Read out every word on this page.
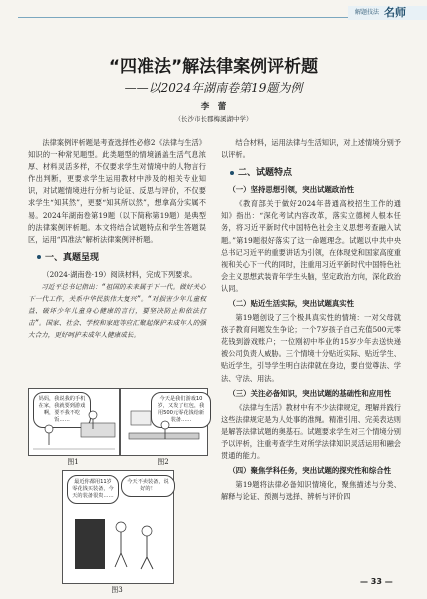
解题技法 名师
“四准法”解法律案例评析题
——以2024年湖南卷第19题为例
李　蕾
（长沙市长郡梅溪湖中学）

法律案例评析题是考查选择性必修2《法律与生活》知识的一种常见题型。此类题型的情境涵盖生活气息浓厚、材料灵活多样，不仅要求学生对情境中的人物言行作出判断，更要求学生运用教材中涉及的相关专业知识，对试题情境进行分析与论证、反思与评价，不仅要求学生“知其然”，更要“知其所以然”，想拿高分实属不易。2024年湖南卷第19题（以下简称第19题）是典型的法律案例评析题。本文将结合试题特点和学生答题误区，运用“四准法”解析法律案例评析题。

一、真题呈现

（2024·湖南卷·19）阅读材料，完成下列要求。

习近平总书记指出：“祖国的未来属于下一代。做好关心下一代工作，关系中华民族伟大复兴”。“对损害少年儿童权益、破坏少年儿童身心健康的言行，要坚决防止和依法打击”。国家、社会、学校和家庭等应汇聚起保护未成年人的强大合力，更好呵护未成年人健康成长。

妈妈，我说我的手机在家，我就要到游戏啊，要不我不吃饭……
图1
今天是我们游戏10岁，又发了红包，我用500元零花钱给新装备……
图2
最近你都用11岁零花钱买装备，今天的装备很贵……
今天不卖装备，说好的！
图3

结合材料，运用法律与生活知识，对上述情境分别予以评析。

二、试题特点
（一）坚持思想引领，突出试题政治性

《教育部关于做好2024年普通高校招生工作的通知》指出：“深化考试内容改革，落实立德树人根本任务，将习近平新时代中国特色社会主义思想考查融入试题。”第19题很好落实了这一命题理念。试题以中共中央总书记习近平的重要讲话为引领，在体现党和国家高度重视和关心下一代的同时，注重用习近平新时代中国特色社会主义思想武装青年学生头脑，坚定政治方向，深化政治认同。

（二）贴近生活实际，突出试题真实性

第19题创设了三个极具真实性的情境：一对父母就孩子教育问题发生争论；一个7岁孩子自己充值500元零花钱到游戏账户；一位刚初中毕业的15岁少年去送快递被公司负责人威胁。三个情境十分贴近实际、贴近学生、贴近学生，引导学生明白法律就在身边，要自觉尊法、学法、守法、用法。

（三）关注必备知识，突出试题的基础性和应用性

《法律与生活》教材中有不少法律规定，理解并践行这些法律规定是为人处事的准绳。精准引用、完美表达则是解答法律试题的奥基石。试题要求学生对三个情境分别予以评析，注重考查学生对所学法律知识灵活运用和融会贯通的能力。

（四）聚焦学科任务，突出试题的探究性和综合性

第19题将法律必备知识情境化，聚焦描述与分类、解释与论证、预测与选择、辨析与评价四

— 33 —
